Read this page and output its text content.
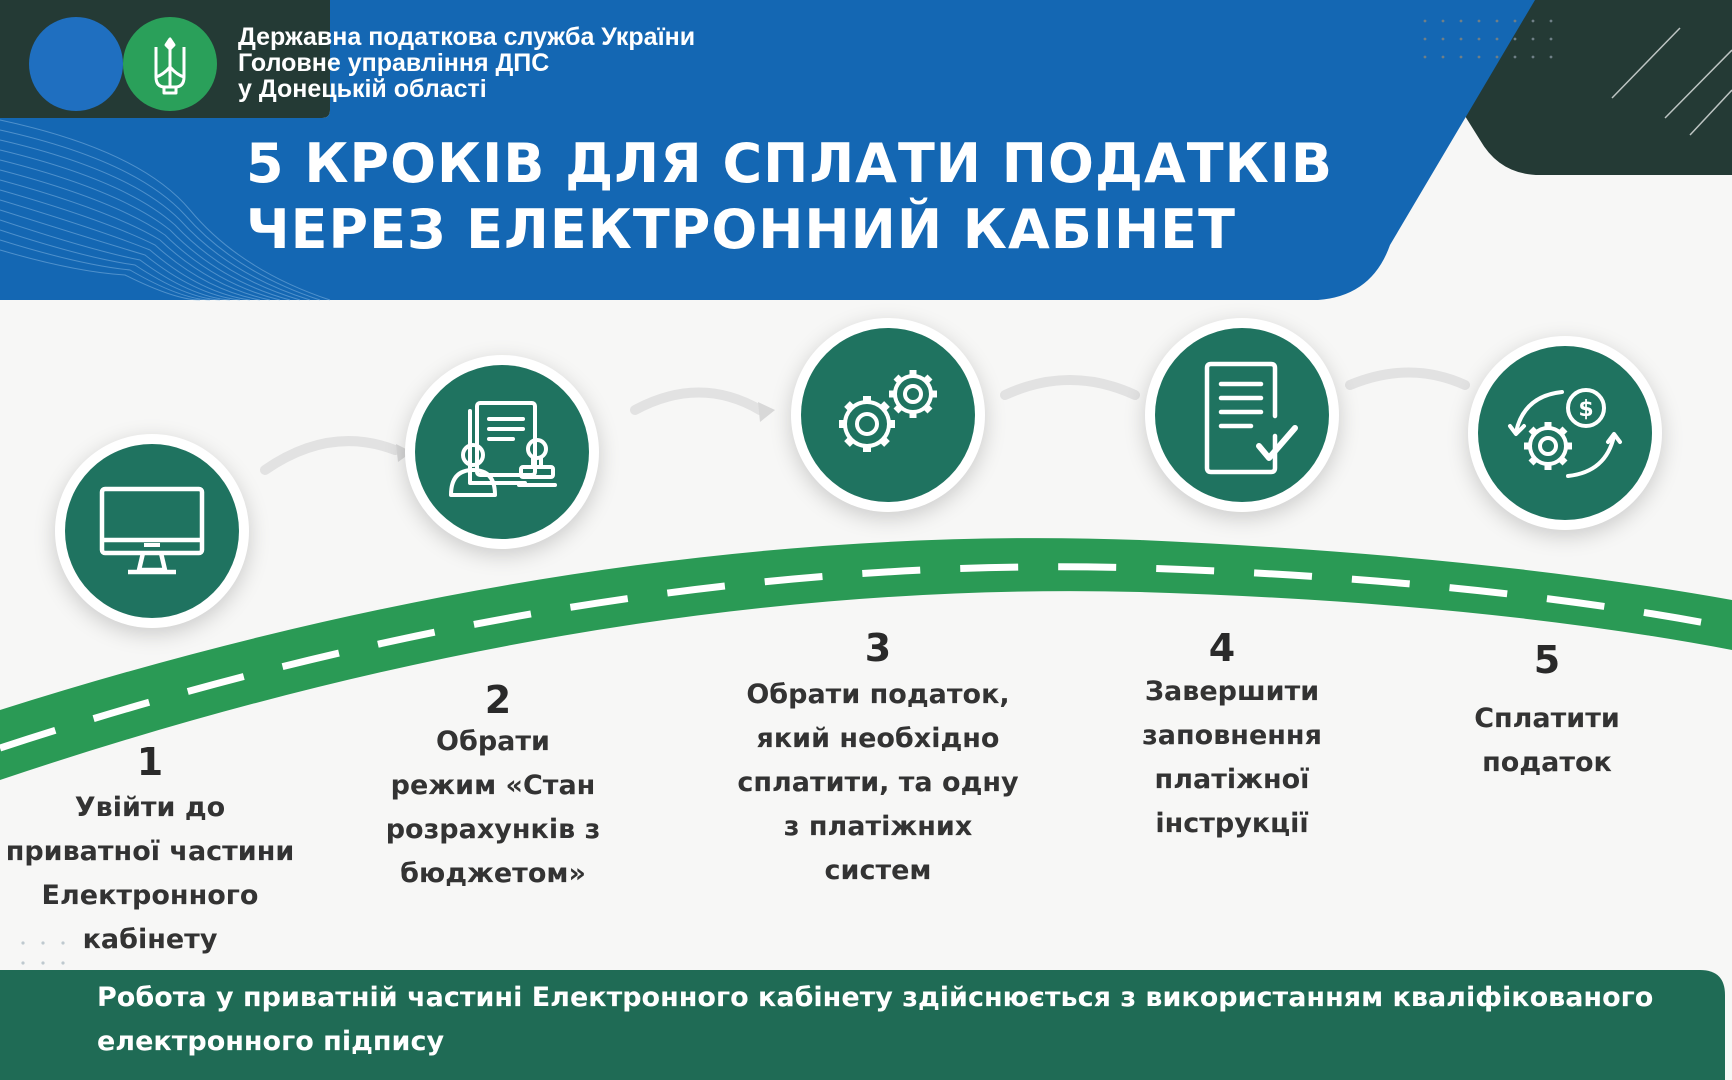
Державна податкова служба України
Головне управління ДПС
у Донецькій області
5 КРОКІВ ДЛЯ СПЛАТИ ПОДАТКІВ
ЧЕРЕЗ ЕЛЕКТРОННИЙ КАБІНЕТ
1
Увійти до
приватної частини
Електронного
кабінету
2
Обрати
режим «Стан
розрахунків з
бюджетом»
3
Обрати податок,
який необхідно
сплатити, та одну
з платіжних
систем
4
Завершити
заповнення
платіжної
інструкції
$
5
Сплатити
податок
Робота у приватній частині Електронного кабінету здійснюється з використанням кваліфікованого
електронного підпису
